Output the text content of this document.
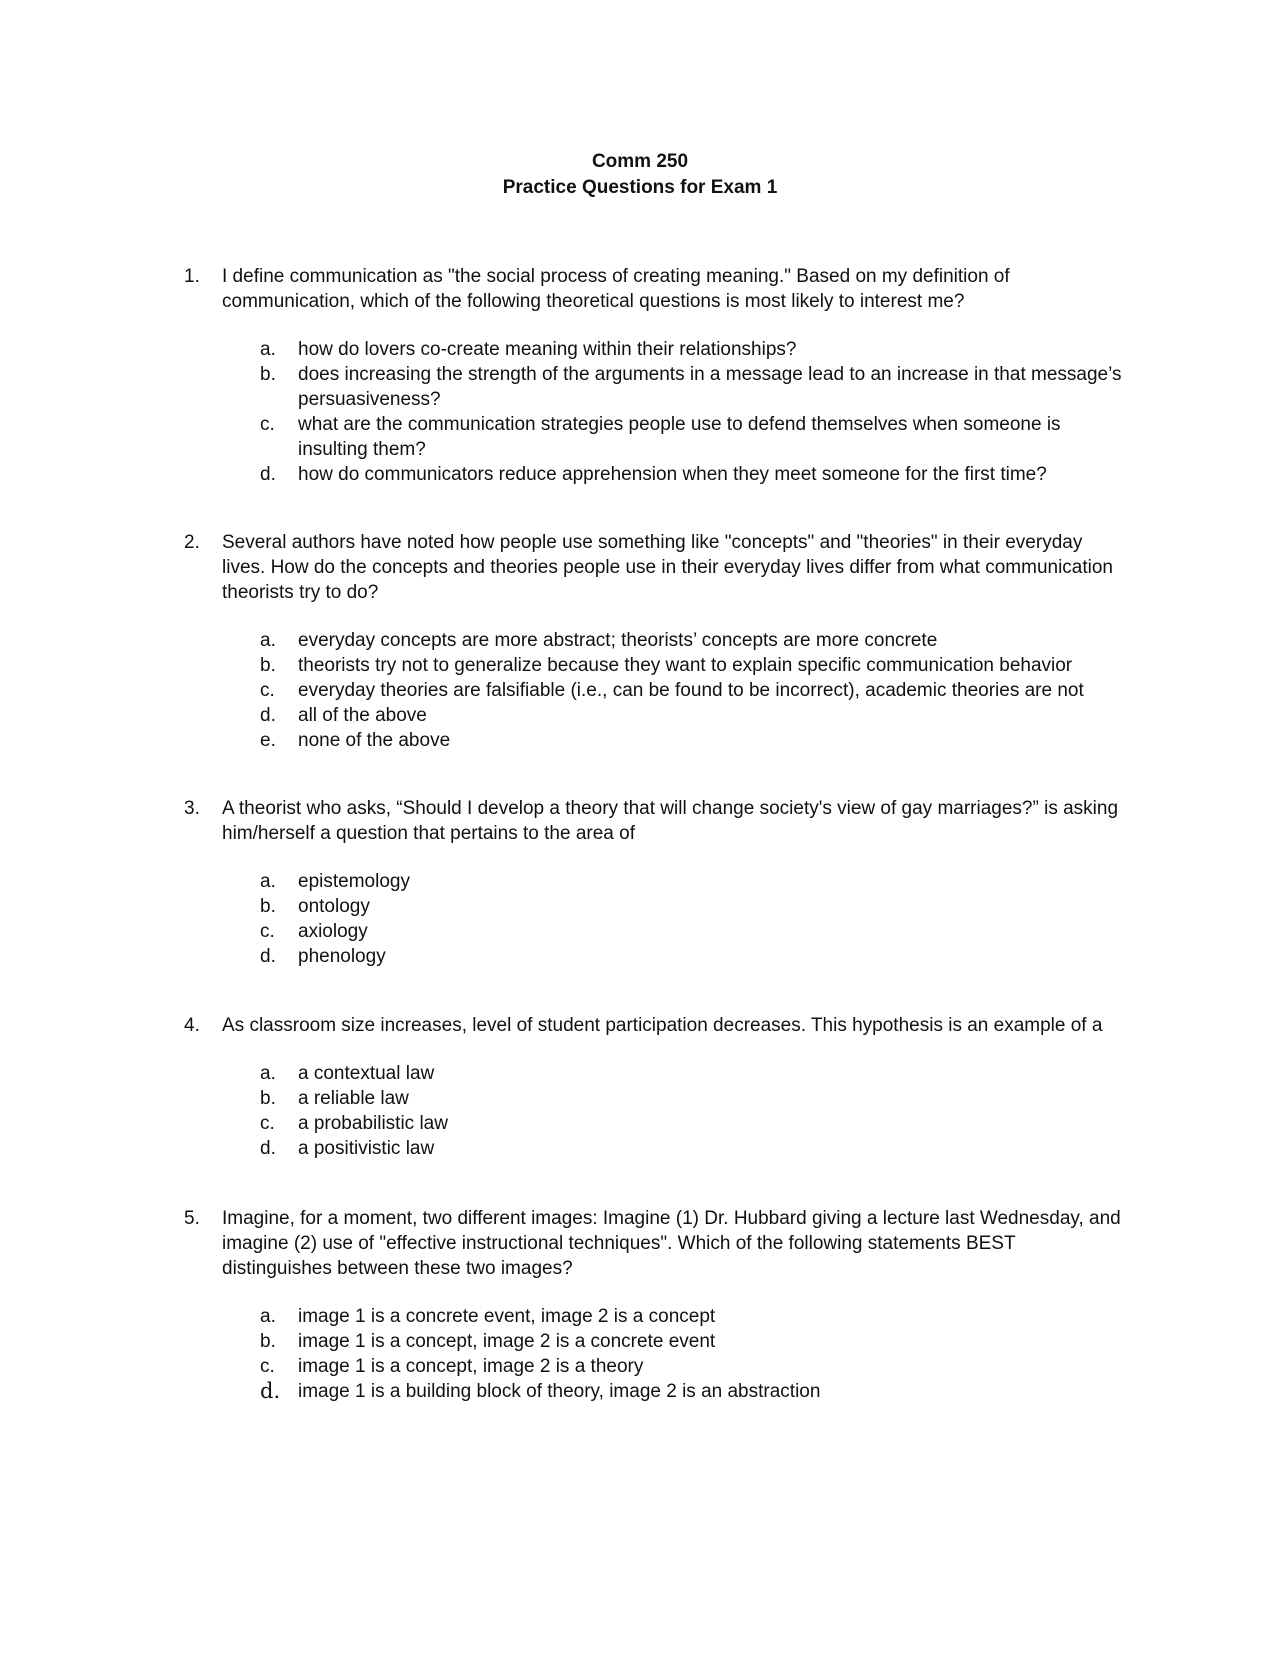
Comm 250
Practice Questions for Exam 1
1. I define communication as "the social process of creating meaning." Based on my definition of communication, which of the following theoretical questions is most likely to interest me?
a.	how do lovers co-create meaning within their relationships?
b.	does increasing the strength of the arguments in a message lead to an increase in that message’s persuasiveness?
c.	what are the communication strategies people use to defend themselves when someone is insulting them?
d.	how do communicators reduce apprehension when they meet someone for the first time?
2. Several authors have noted how people use something like "concepts" and "theories" in their everyday lives. How do the concepts and theories people use in their everyday lives differ from what communication theorists try to do?
a.	everyday concepts are more abstract; theorists’ concepts are more concrete
b.	theorists try not to generalize because they want to explain specific communication behavior
c.	everyday theories are falsifiable (i.e., can be found to be incorrect), academic theories are not
d.	all of the above
e.	none of the above
3. A theorist who asks, “Should I develop a theory that will change society's view of gay marriages?” is asking him/herself a question that pertains to the area of
a.	epistemology
b.	ontology
c.	axiology
d.	phenology
4. As classroom size increases, level of student participation decreases. This hypothesis is an example of a
a.	a contextual law
b.	a reliable law
c.	a probabilistic law
d.	a positivistic law
5. Imagine, for a moment, two different images: Imagine (1) Dr. Hubbard giving a lecture last Wednesday, and imagine (2) use of "effective instructional techniques". Which of the following statements BEST distinguishes between these two images?
a.	image 1 is a concrete event, image 2 is a concept
b.	image 1 is a concept, image 2 is a concrete event
c.	image 1 is a concept, image 2 is a theory
d. image 1 is a building block of theory, image 2 is an abstraction
